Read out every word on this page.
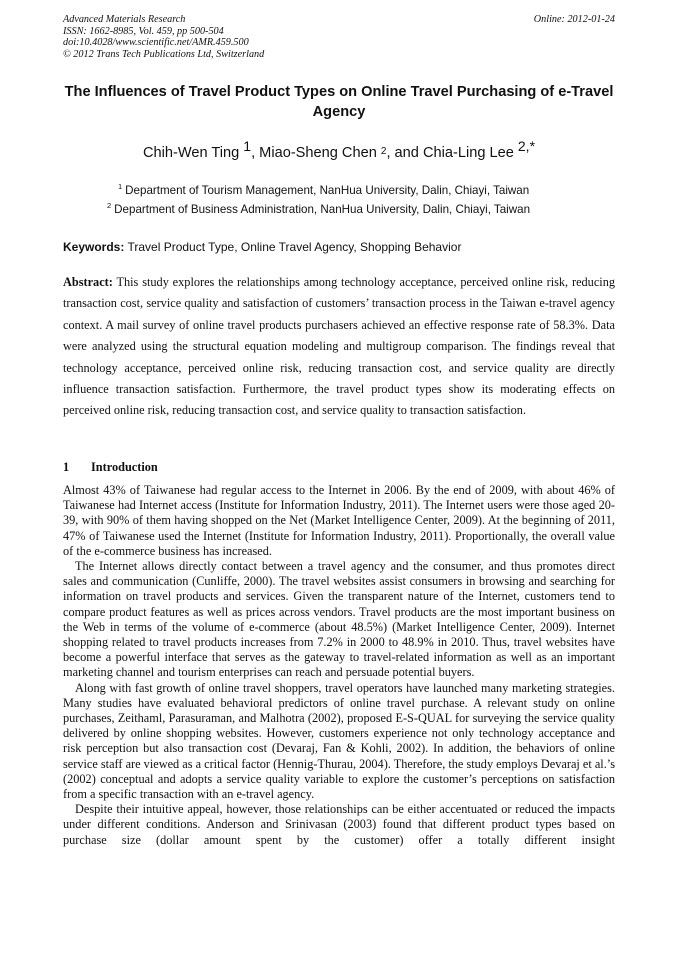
Advanced Materials Research
ISSN: 1662-8985, Vol. 459, pp 500-504
doi:10.4028/www.scientific.net/AMR.459.500
© 2012 Trans Tech Publications Ltd, Switzerland
Online: 2012-01-24
The Influences of Travel Product Types on Online Travel Purchasing of e-Travel Agency
Chih-Wen Ting $^1$, Miao-Sheng Chen $^2$, and Chia-Ling Lee $^{2,*}$
$^1$ Department of Tourism Management, NanHua University, Dalin, Chiayi, Taiwan
$^2$ Department of Business Administration, NanHua University, Dalin, Chiayi, Taiwan
Keywords: Travel Product Type, Online Travel Agency, Shopping Behavior
Abstract: This study explores the relationships among technology acceptance, perceived online risk, reducing transaction cost, service quality and satisfaction of customers’ transaction process in the Taiwan e-travel agency context. A mail survey of online travel products purchasers achieved an effective response rate of 58.3%. Data were analyzed using the structural equation modeling and multigroup comparison. The findings reveal that technology acceptance, perceived online risk, reducing transaction cost, and service quality are directly influence transaction satisfaction. Furthermore, the travel product types show its moderating effects on perceived online risk, reducing transaction cost, and service quality to transaction satisfaction.
1 Introduction

Almost 43% of Taiwanese had regular access to the Internet in 2006. By the end of 2009, with about 46% of Taiwanese had Internet access (Institute for Information Industry, 2011). The Internet users were those aged 20-39, with 90% of them having shopped on the Net (Market Intelligence Center, 2009). At the beginning of 2011, 47% of Taiwanese used the Internet (Institute for Information Industry, 2011). Proportionally, the overall value of the e-commerce business has increased.

The Internet allows directly contact between a travel agency and the consumer, and thus promotes direct sales and communication (Cunliffe, 2000). The travel websites assist consumers in browsing and searching for information on travel products and services. Given the transparent nature of the Internet, customers tend to compare product features as well as prices across vendors. Travel products are the most important business on the Web in terms of the volume of e-commerce (about 48.5%) (Market Intelligence Center, 2009). Internet shopping related to travel products increases from 7.2% in 2000 to 48.9% in 2010. Thus, travel websites have become a powerful interface that serves as the gateway to travel-related information as well as an important marketing channel and tourism enterprises can reach and persuade potential buyers.

Along with fast growth of online travel shoppers, travel operators have launched many marketing strategies. Many studies have evaluated behavioral predictors of online travel purchase. A relevant study on online purchases, Zeithaml, Parasuraman, and Malhotra (2002), proposed E-S-QUAL for surveying the service quality delivered by online shopping websites. However, customers experience not only technology acceptance and risk perception but also transaction cost (Devaraj, Fan & Kohli, 2002). In addition, the behaviors of online service staff are viewed as a critical factor (Hennig-Thurau, 2004). Therefore, the study employs Devaraj et al.’s (2002) conceptual and adopts a service quality variable to explore the customer’s perceptions on satisfaction from a specific transaction with an e-travel agency.

Despite their intuitive appeal, however, those relationships can be either accentuated or reduced the impacts under different conditions. Anderson and Srinivasan (2003) found that different product types based on purchase size (dollar amount spent by the customer) offer a totally different insight
